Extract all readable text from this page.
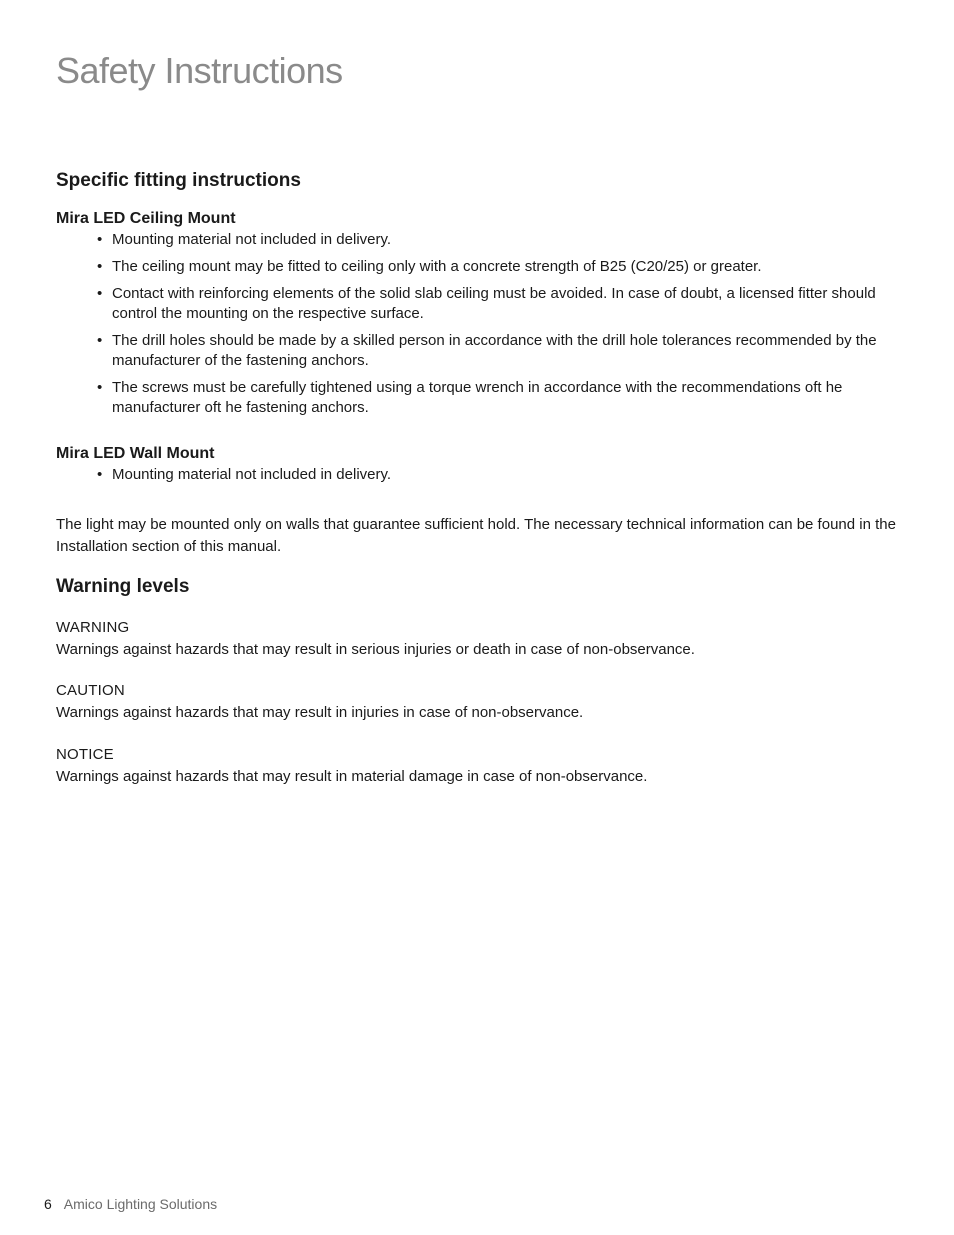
Safety Instructions
Specific fitting instructions
Mira LED Ceiling Mount
• Mounting material not included in delivery.
• The ceiling mount may be fitted to ceiling only with a concrete strength of B25 (C20/25) or greater.
• Contact with reinforcing elements of the solid slab ceiling must be avoided. In case of doubt, a licensed fitter should control the mounting on the respective surface.
• The drill holes should be made by a skilled person in accordance with the drill hole tolerances recommended by the manufacturer of the fastening anchors.
• The screws must be carefully tightened using a torque wrench in accordance with the recommendations oft he manufacturer oft he fastening anchors.
Mira LED Wall Mount
• Mounting material not included in delivery.

The light may be mounted only on walls that guarantee sufficient hold. The necessary technical information can be found in the Installation section of this manual.

Warning levels

WARNING

Warnings against hazards that may result in serious injuries or death in case of non-observance.

CAUTION

Warnings against hazards that may result in injuries in case of non-observance.

NOTICE

Warnings against hazards that may result in material damage in case of non-observance.

6 Amico Lighting Solutions
